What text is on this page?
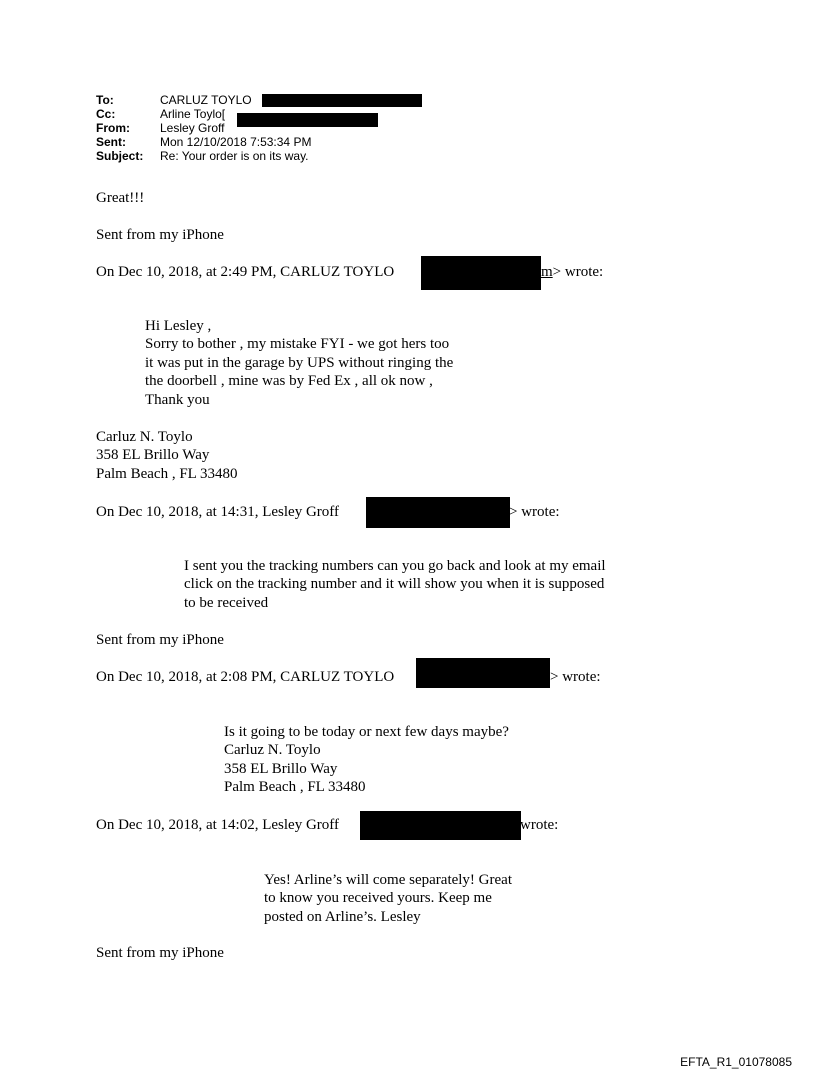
To:	CARLUZ TOYLO
Cc:	Arline Toylo[
From:	Lesley Groff
Sent:	Mon 12/10/2018 7:53:34 PM
Subject: Re: Your order is on its way.
Great!!!
Sent from my iPhone
On Dec 10, 2018, at 2:49 PM, CARLUZ TOYLO	m> wrote:
Hi Lesley ,
Sorry to bother , my mistake FYI - we got hers too
it was put in the garage by UPS without ringing the
the doorbell , mine was by Fed Ex , all ok now ,
Thank you
Carluz N. Toylo
358 EL Brillo Way
Palm Beach , FL 33480
On Dec 10, 2018, at 14:31, Lesley Groff	> wrote:
I sent you the tracking numbers can you go back and look at my email
click on the tracking number and it will show you when it is supposed
to be received
Sent from my iPhone
On Dec 10, 2018, at 2:08 PM, CARLUZ TOYLO	> wrote:
Is it going to be today or next few days maybe?
Carluz N. Toylo
358 EL Brillo Way
Palm Beach , FL 33480
On Dec 10, 2018, at 14:02, Lesley Groff	wrote:
Yes! Arline’s will come separately! Great
to know you received yours. Keep me
posted on Arline’s. Lesley
Sent from my iPhone
EFTA_R1_01078085
